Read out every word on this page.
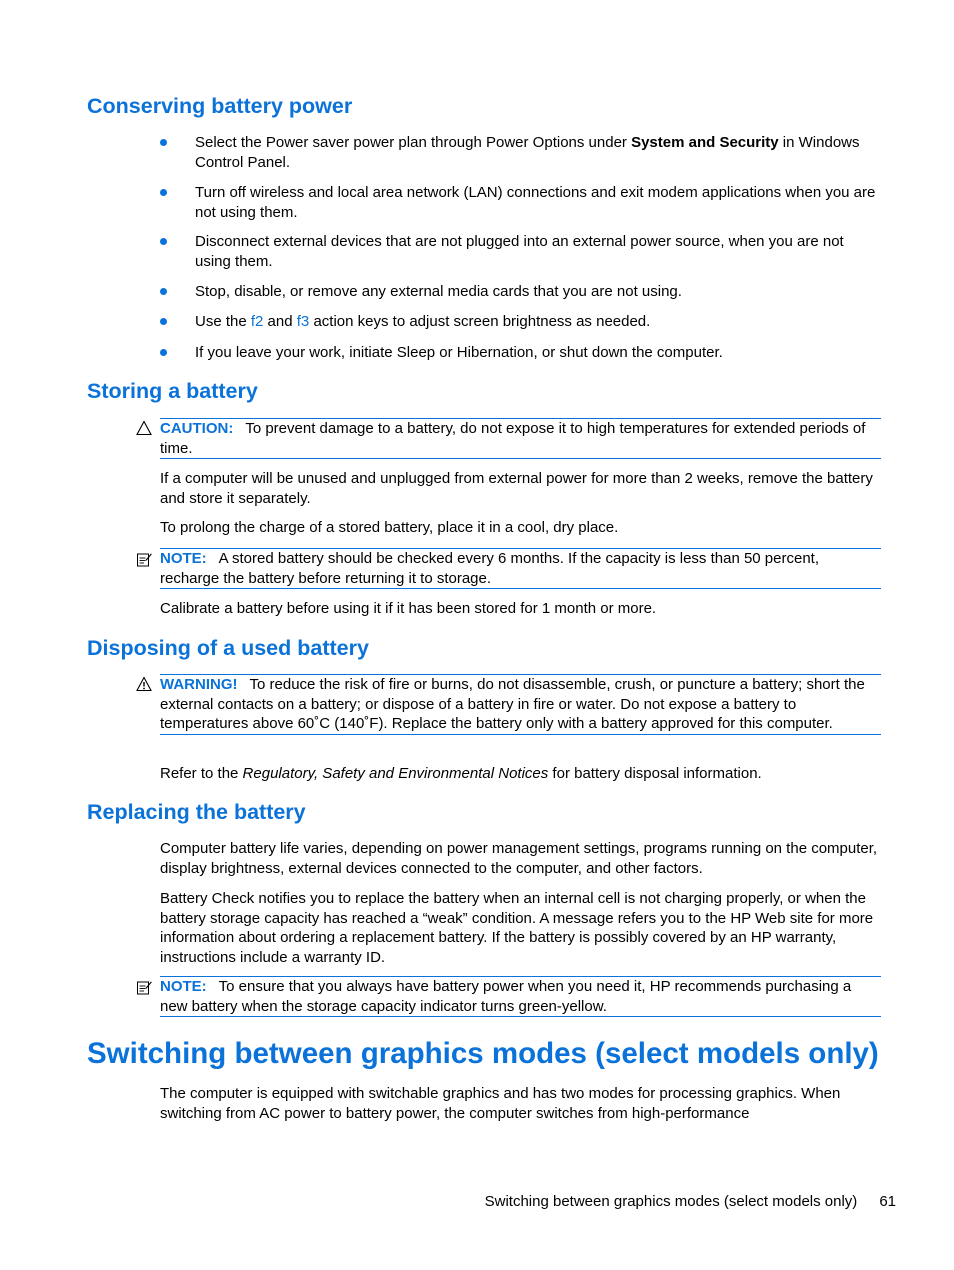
Conserving battery power
Select the Power saver power plan through Power Options under System and Security in Windows Control Panel.
Turn off wireless and local area network (LAN) connections and exit modem applications when you are not using them.
Disconnect external devices that are not plugged into an external power source, when you are not using them.
Stop, disable, or remove any external media cards that you are not using.
Use the f2 and f3 action keys to adjust screen brightness as needed.
If you leave your work, initiate Sleep or Hibernation, or shut down the computer.
Storing a battery
CAUTION: To prevent damage to a battery, do not expose it to high temperatures for extended periods of time.

If a computer will be unused and unplugged from external power for more than 2 weeks, remove the battery and store it separately.

To prolong the charge of a stored battery, place it in a cool, dry place.

NOTE: A stored battery should be checked every 6 months. If the capacity is less than 50 percent, recharge the battery before returning it to storage.

Calibrate a battery before using it if it has been stored for 1 month or more.

Disposing of a used battery
WARNING! To reduce the risk of fire or burns, do not disassemble, crush, or puncture a battery; short the external contacts on a battery; or dispose of a battery in fire or water. Do not expose a battery to temperatures above 60˚C (140˚F). Replace the battery only with a battery approved for this computer.

Refer to the Regulatory, Safety and Environmental Notices for battery disposal information.

Replacing the battery

Computer battery life varies, depending on power management settings, programs running on the computer, display brightness, external devices connected to the computer, and other factors.

Battery Check notifies you to replace the battery when an internal cell is not charging properly, or when the battery storage capacity has reached a “weak” condition. A message refers you to the HP Web site for more information about ordering a replacement battery. If the battery is possibly covered by an HP warranty, instructions include a warranty ID.

NOTE: To ensure that you always have battery power when you need it, HP recommends purchasing a new battery when the storage capacity indicator turns green-yellow.
Switching between graphics modes (select models only)

The computer is equipped with switchable graphics and has two modes for processing graphics. When switching from AC power to battery power, the computer switches from high-performance

Switching between graphics modes (select models only) 61
